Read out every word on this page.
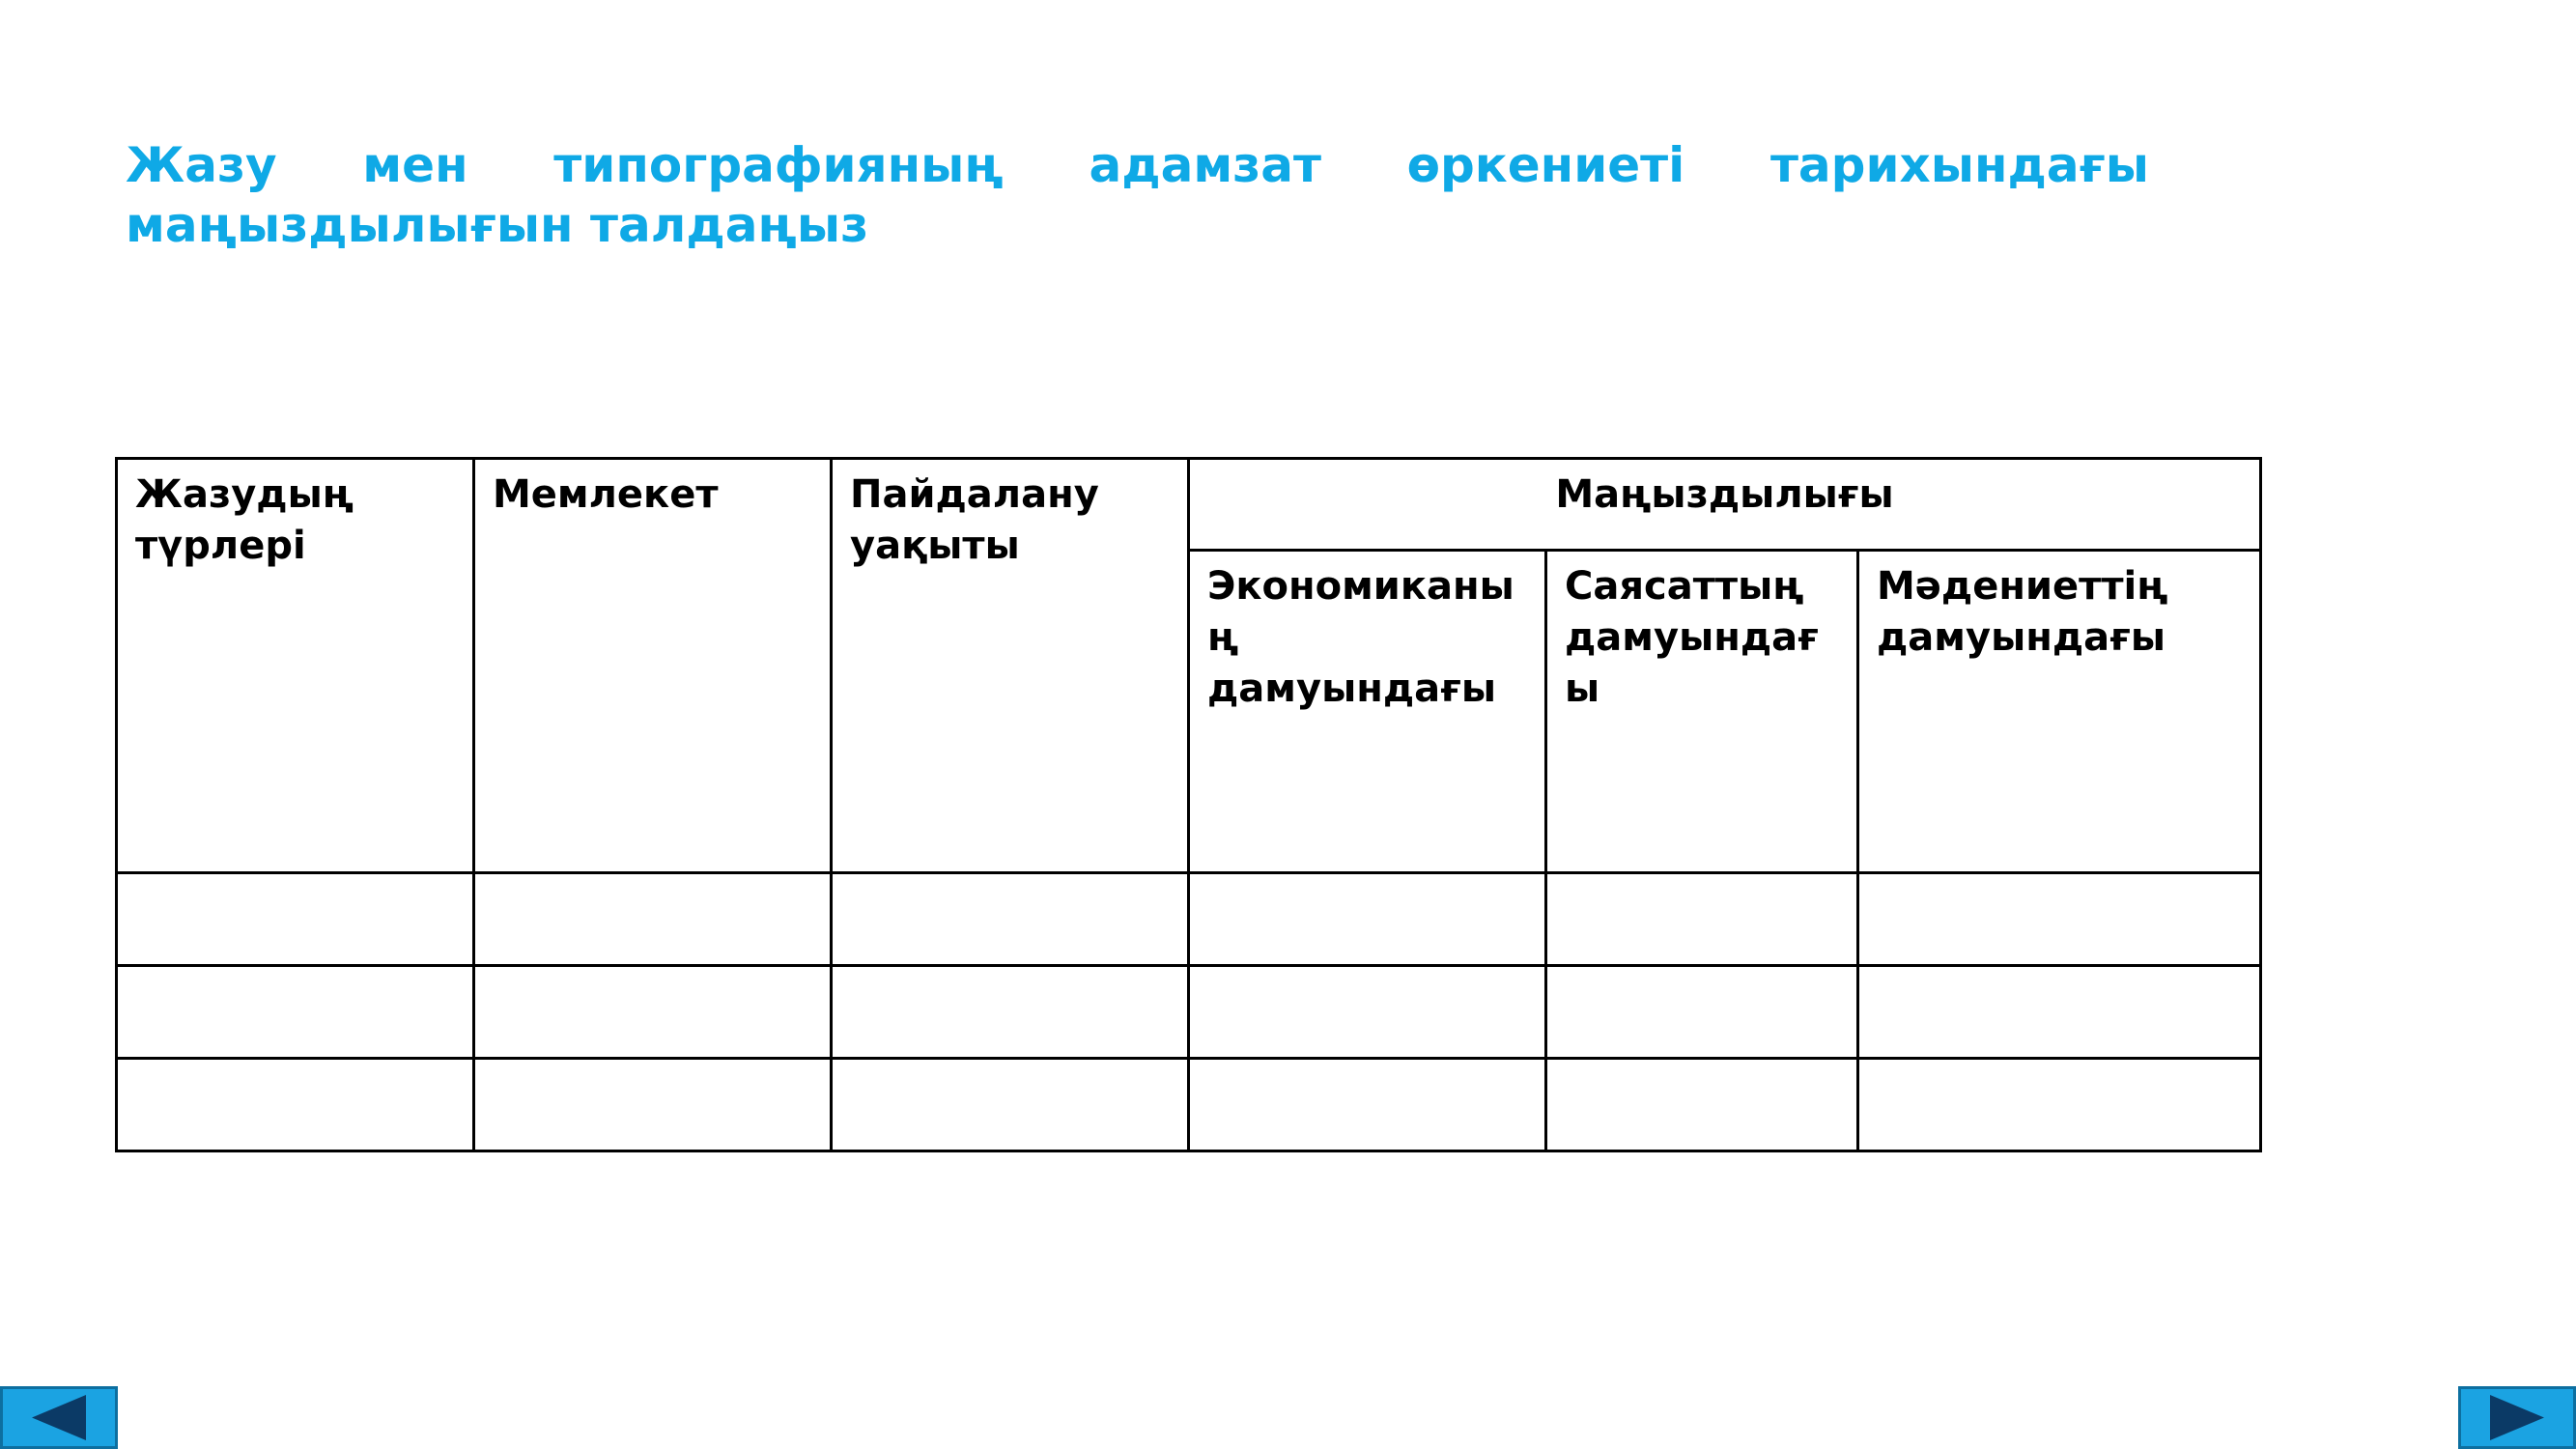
Жазу мен типографияның адамзат өркениеті тарихындағы маңыздылығын талдаңыз
Жазудың түрлері	Мемлекет	Пайдалану уақыты	Маңыздылығы		
			Экономиканың дамуындағы	Саясаттың дамуындағы	Мәдениеттің дамуындағы
